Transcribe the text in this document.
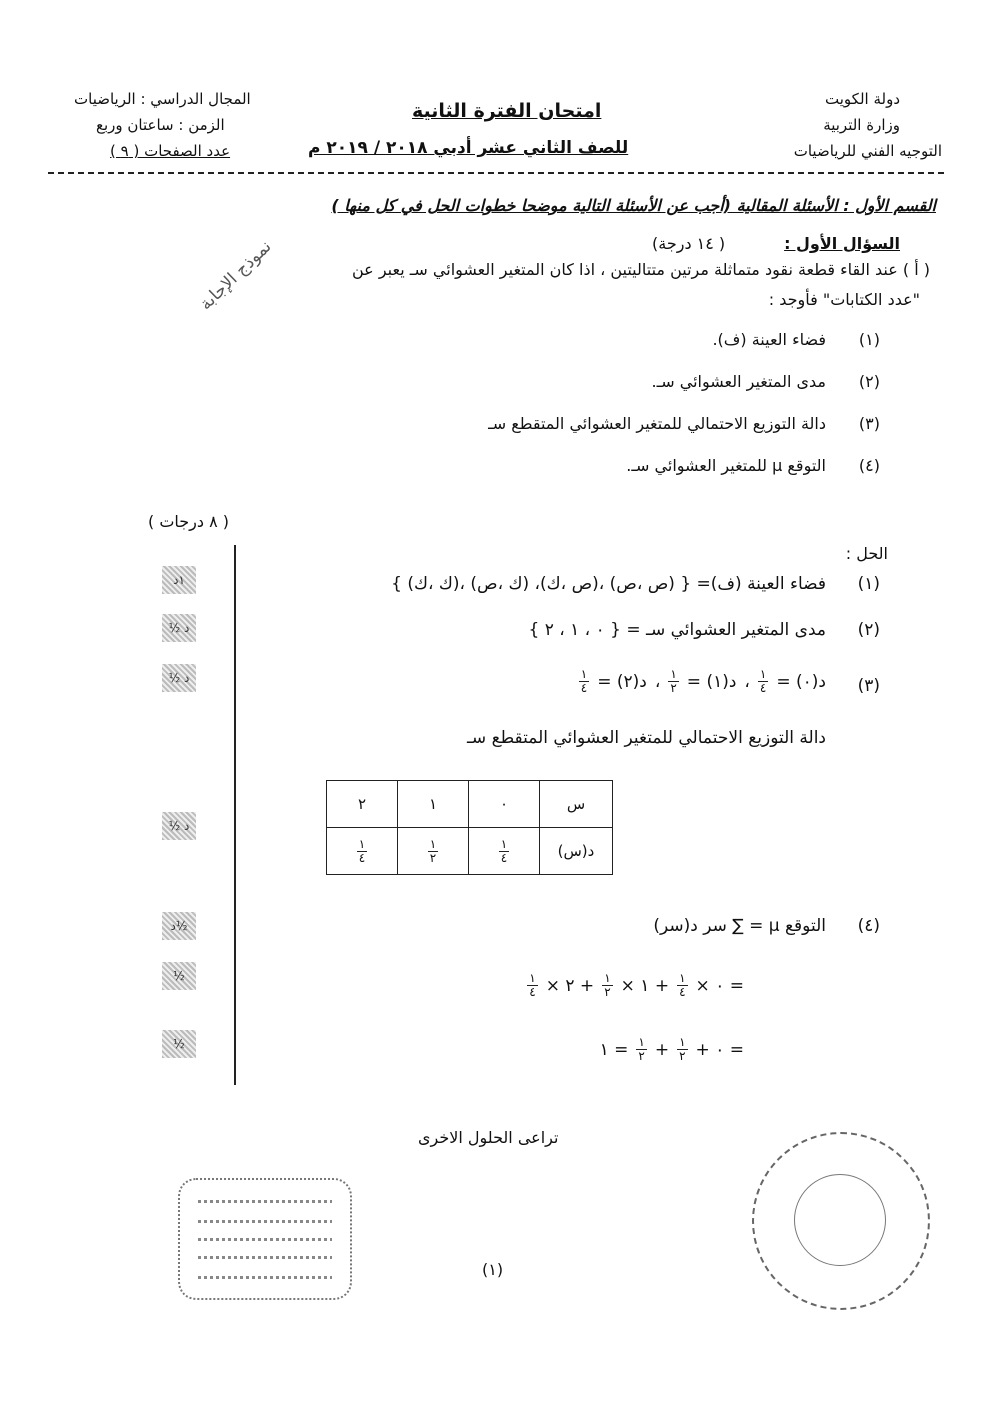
دولة الكويت
وزارة التربية
التوجيه الفني للرياضيات
امتحان الفترة الثانية
للصف الثاني عشر أدبي ٢٠١٨ / ٢٠١٩ م
المجال الدراسي : الرياضيات
الزمن : ساعتان وربع
عدد الصفحات ( ٩ )
القسم الأول : الأسئلة المقالية (أجب عن الأسئلة التالية موضحا خطوات الحل في كل منها )
السؤال الأول :
( ١٤ درجة)
( أ ) عند القاء قطعة نقود متماثلة مرتين متتاليتين ، اذا كان المتغير العشوائي سـ يعبر عن
"عدد الكتابات" فأوجد :
نموذج الإجابة
(١)
فضاء العينة (ف).
(٢)
مدى المتغير العشوائي سـ.
(٣)
دالة التوزيع الاحتمالي للمتغير العشوائي المتقطع سـ
(٤)
التوقع μ للمتغير العشوائي سـ.
( ٨ درجات )
الحل :
(١)
فضاء العينة (ف)= { (ص ،ص) ،(ص ،ك)، (ك ،ص) ،(ك ،ك) }
(٢)
مدى المتغير العشوائي سـ = { ٠ ، ١ ، ٢ }
(٣)
د(٠) =
$\frac{١}{٤}$
،
د(١) =
$\frac{١}{٢}$
،
د(٢) =
$\frac{١}{٤}$
دالة التوزيع الاحتمالي للمتغير العشوائي المتقطع سـ
س	٠	١	٢
د(س)	$\frac{١}{٤}$	$\frac{١}{٢}$	$\frac{١}{٤}$
(٤)
التوقع μ = ∑ سر د(سر)
= ٠ ×
$\frac{١}{٤}$
+ ١ ×
$\frac{١}{٢}$
+ ٢ ×
$\frac{١}{٤}$
= ٠ +
$\frac{١}{٢}$
+
$\frac{١}{٢}$
= ١
١د
½ د
½ د
½ د
د½
½
½
تراعى الحلول الاخرى
(١)
